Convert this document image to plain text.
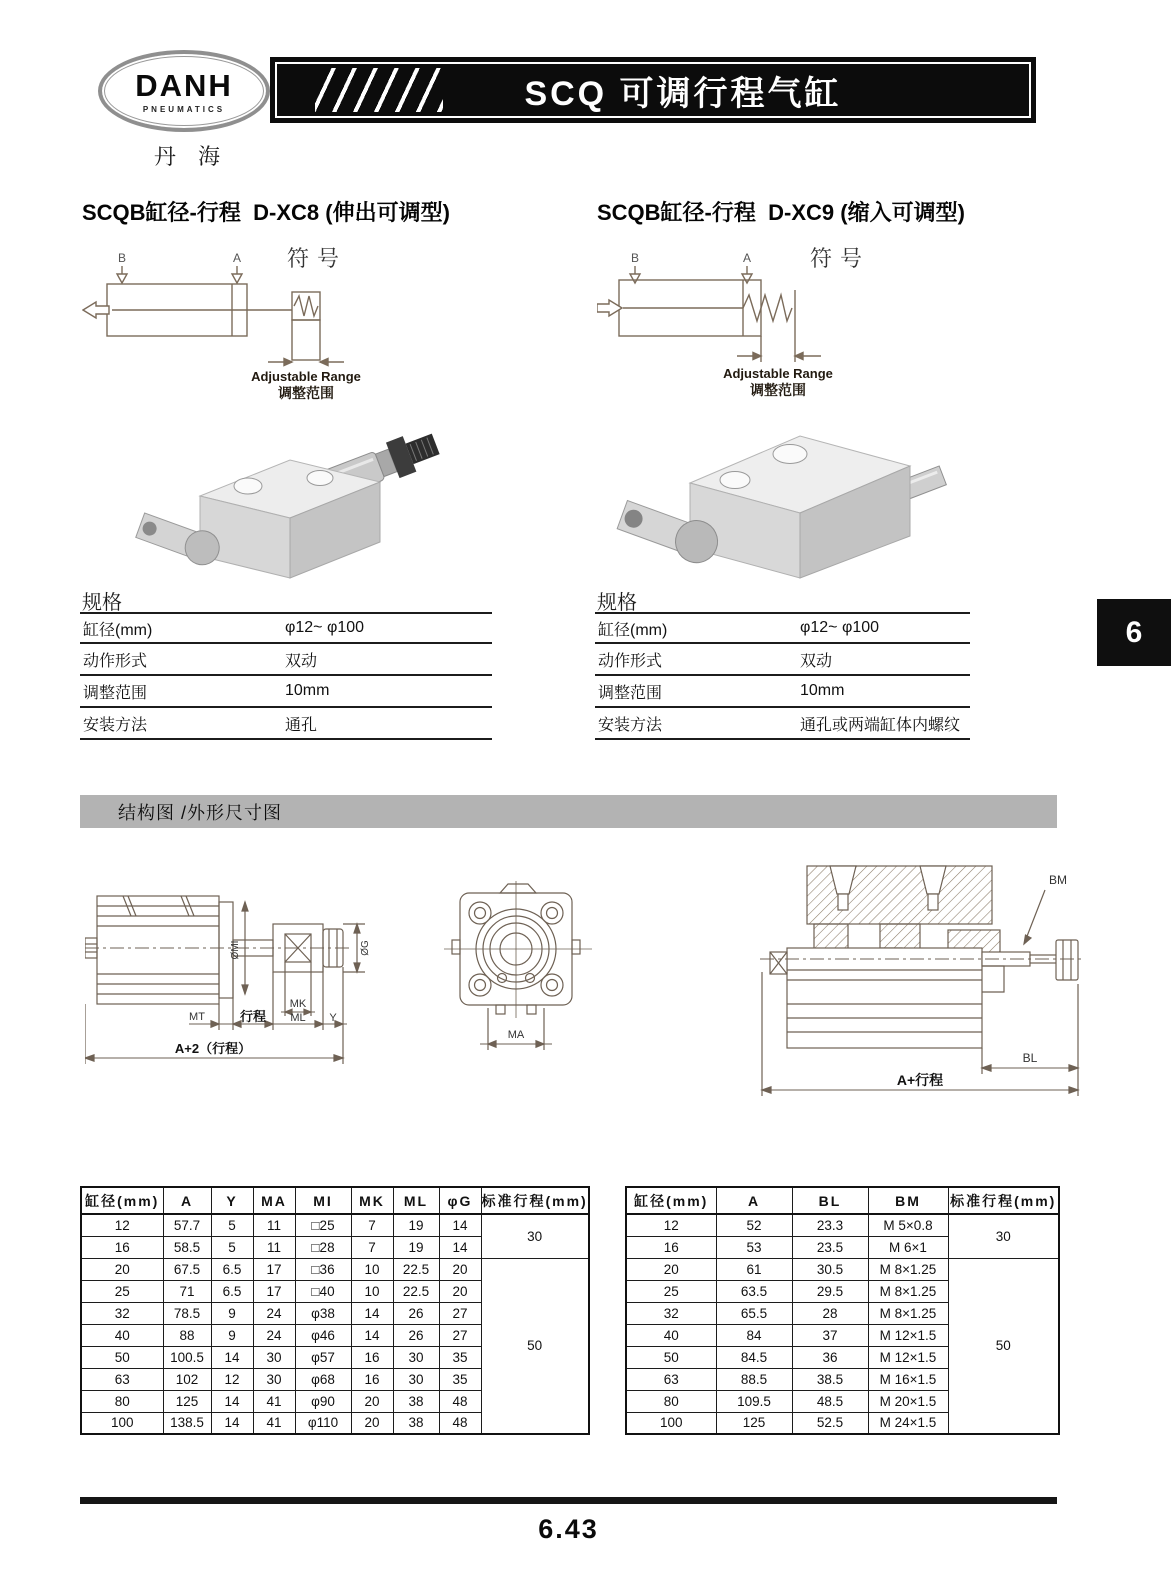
DANH
PNEUMATICS
丹海
SCQ 可调行程气缸
6
SCQB缸径-行程 D-XC8 (伸出可调型)
符号
B	A
Adjustable Range
调整范围
规格
缸径(mm)	φ12~ φ100
动作形式	双动
调整范围	10mm
安装方法	通孔
SCQB缸径-行程 D-XC9 (缩入可调型)
符号
B	A
Adjustable Range
调整范围
规格
缸径(mm)	φ12~ φ100
动作形式	双动
调整范围	10mm
安装方法	通孔或两端缸体内螺纹
结构图 /外形尺寸图
MT	行程
MK
ML Y
ØMI	ØG
A+2（行程）
MA
BM
BL
A+行程
缸径(mm)	A	Y	MA	MI	MK	ML	φG	标准行程(mm)
12	57.7	5	11	□25	7	19	14	30
16	58.5	5	11	□28	7	19	14	
20	67.5	6.5	17	□36	10	22.5	20	50
25	71	6.5	17	□40	10	22.5	20	
32	78.5	9	24	φ38	14	26	27	
40	88	9	24	φ46	14	26	27	
50	100.5	14	30	φ57	16	30	35	
63	102	12	30	φ68	16	30	35	
80	125	14	41	φ90	20	38	48	
100	138.5	14	41	φ110	20	38	48	
缸径(mm)	A	BL	BM	标准行程(mm)
12	52	23.3	M 5×0.8	30
16	53	23.5	M 6×1	
20	61	30.5	M 8×1.25	50
25	63.5	29.5	M 8×1.25	
32	65.5	28	M 8×1.25	
40	84	37	M 12×1.5	
50	84.5	36	M 12×1.5	
63	88.5	38.5	M 16×1.5	
80	109.5	48.5	M 20×1.5	
100	125	52.5	M 24×1.5	
6.43
